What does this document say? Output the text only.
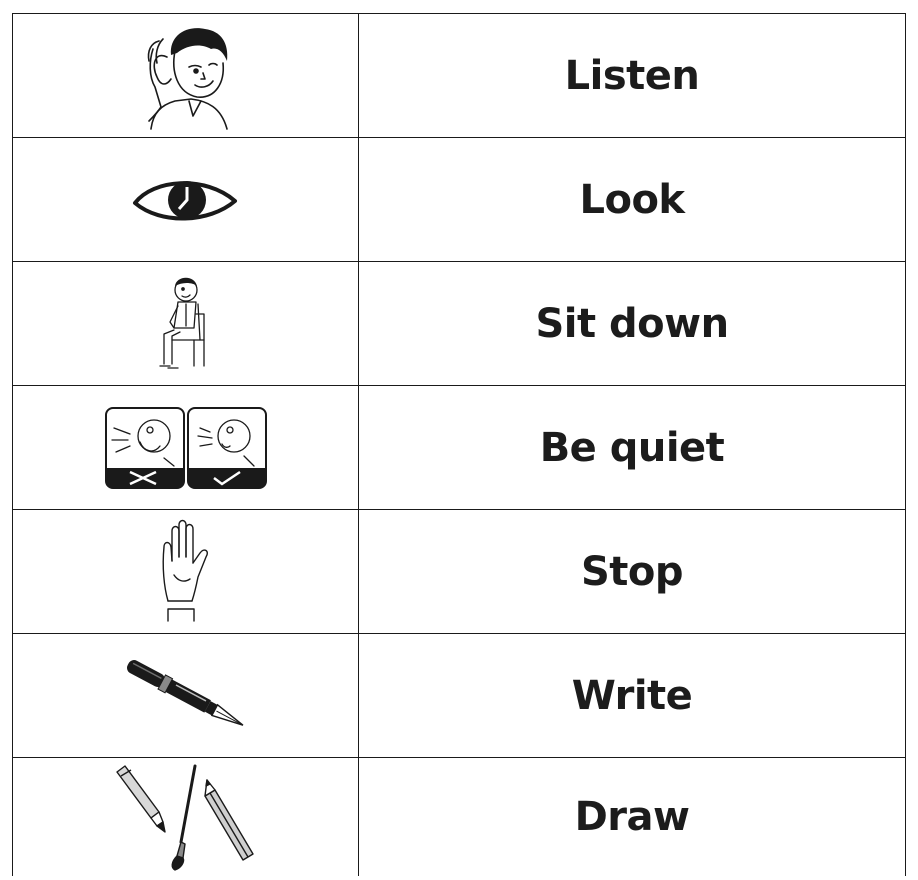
	Listen
	Look
	Sit down
	Be quiet
	Stop
	Write
	Draw
